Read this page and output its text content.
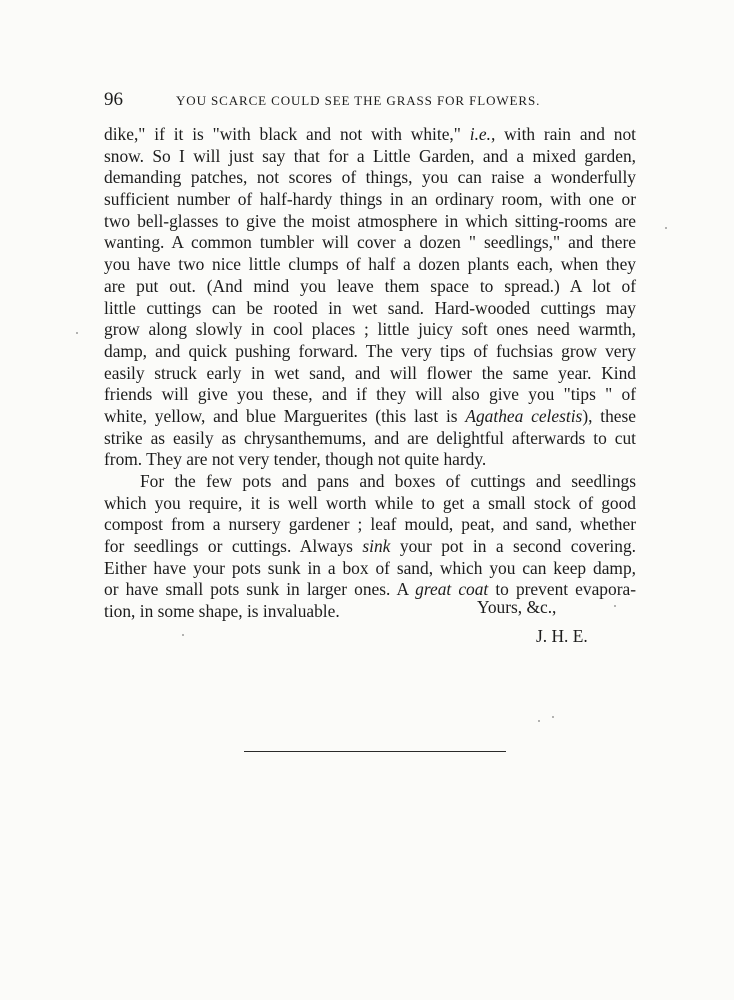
96	YOU SCARCE COULD SEE THE GRASS FOR FLOWERS.
dike," if it is "with black and not with white," i.e., with rain and not
snow. So I will just say that for a Little Garden, and a mixed garden,
demanding patches, not scores of things, you can raise a wonderfully
sufficient number of half-hardy things in an ordinary room, with one or
two bell-glasses to give the moist atmosphere in which sitting-rooms are
wanting. A common tumbler will cover a dozen " seedlings," and there
you have two nice little clumps of half a dozen plants each, when they
are put out. (And mind you leave them space to spread.) A lot of
little cuttings can be rooted in wet sand. Hard-wooded cuttings may
grow along slowly in cool places ; little juicy soft ones need warmth,
damp, and quick pushing forward. The very tips of fuchsias grow very
easily struck early in wet sand, and will flower the same year. Kind
friends will give you these, and if they will also give you "tips " of
white, yellow, and blue Marguerites (this last is Agathea celestis), these
strike as easily as chrysanthemums, and are delightful afterwards to cut
from. They are not very tender, though not quite hardy.
For the few pots and pans and boxes of cuttings and seedlings
which you require, it is well worth while to get a small stock of good
compost from a nursery gardener ; leaf mould, peat, and sand, whether
for seedlings or cuttings. Always sink your pot in a second covering.
Either have your pots sunk in a box of sand, which you can keep damp,
or have small pots sunk in larger ones. A great coat to prevent evapora-
tion, in some shape, is invaluable.	Yours, &c.,
J. H. E.
